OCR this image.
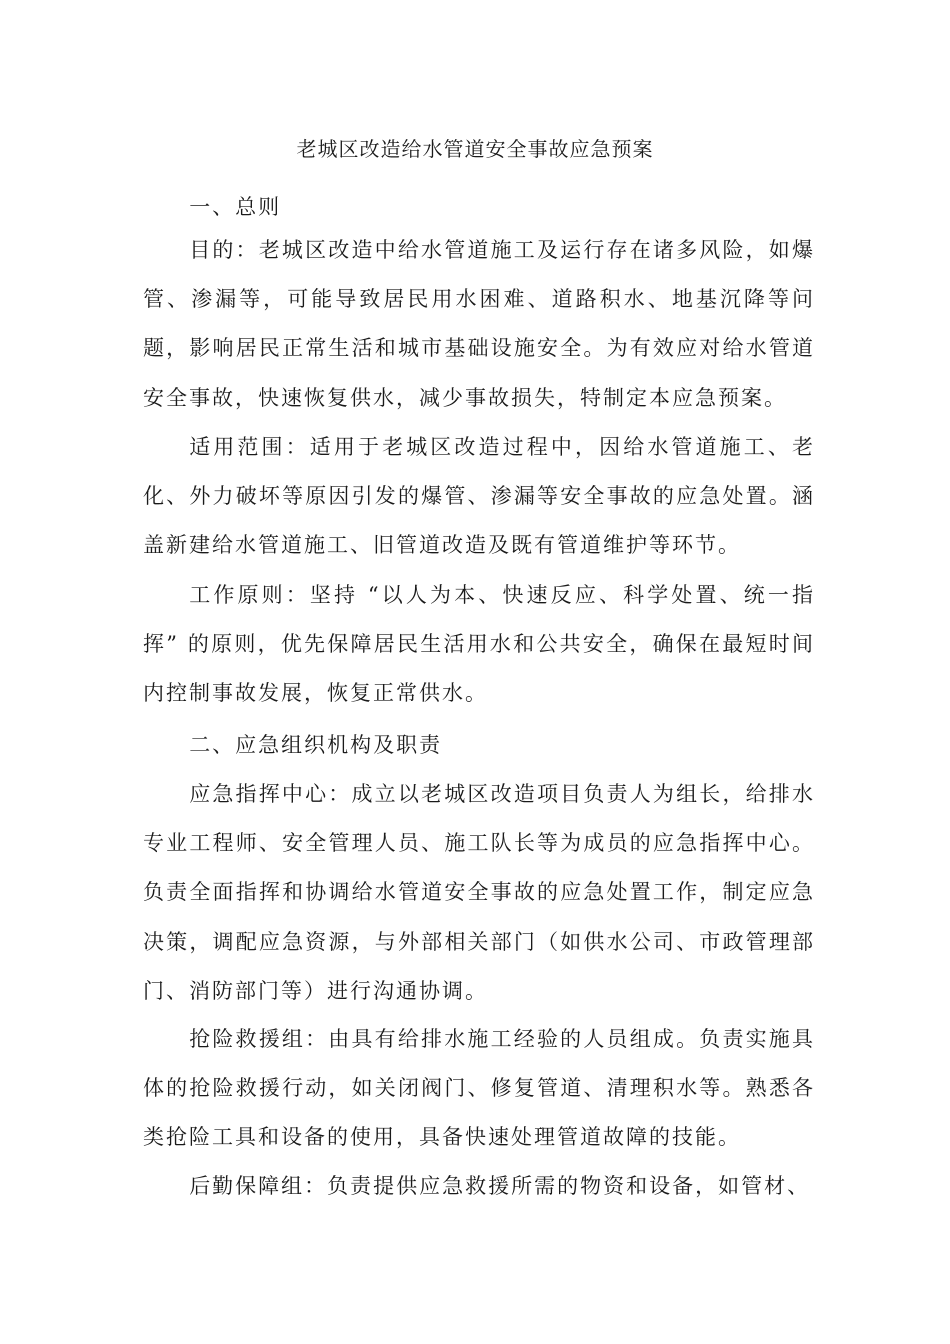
老城区改造给水管道安全事故应急预案

一、总则

目的：老城区改造中给水管道施工及运行存在诸多风险，如爆管、渗漏等，可能导致居民用水困难、道路积水、地基沉降等问题，影响居民正常生活和城市基础设施安全。为有效应对给水管道安全事故，快速恢复供水，减少事故损失，特制定本应急预案。

适用范围：适用于老城区改造过程中，因给水管道施工、老化、外力破坏等原因引发的爆管、渗漏等安全事故的应急处置。涵盖新建给水管道施工、旧管道改造及既有管道维护等环节。

工作原则：坚持 “以人为本、快速反应、科学处置、统一指挥” 的原则，优先保障居民生活用水和公共安全，确保在最短时间内控制事故发展，恢复正常供水。

二、应急组织机构及职责

应急指挥中心：成立以老城区改造项目负责人为组长，给排水专业工程师、安全管理人员、施工队长等为成员的应急指挥中心。负责全面指挥和协调给水管道安全事故的应急处置工作，制定应急决策，调配应急资源，与外部相关部门（如供水公司、市政管理部门、消防部门等）进行沟通协调。

抢险救援组：由具有给排水施工经验的人员组成。负责实施具体的抢险救援行动，如关闭阀门、修复管道、清理积水等。熟悉各类抢险工具和设备的使用，具备快速处理管道故障的技能。

后勤保障组：负责提供应急救援所需的物资和设备，如管材、
